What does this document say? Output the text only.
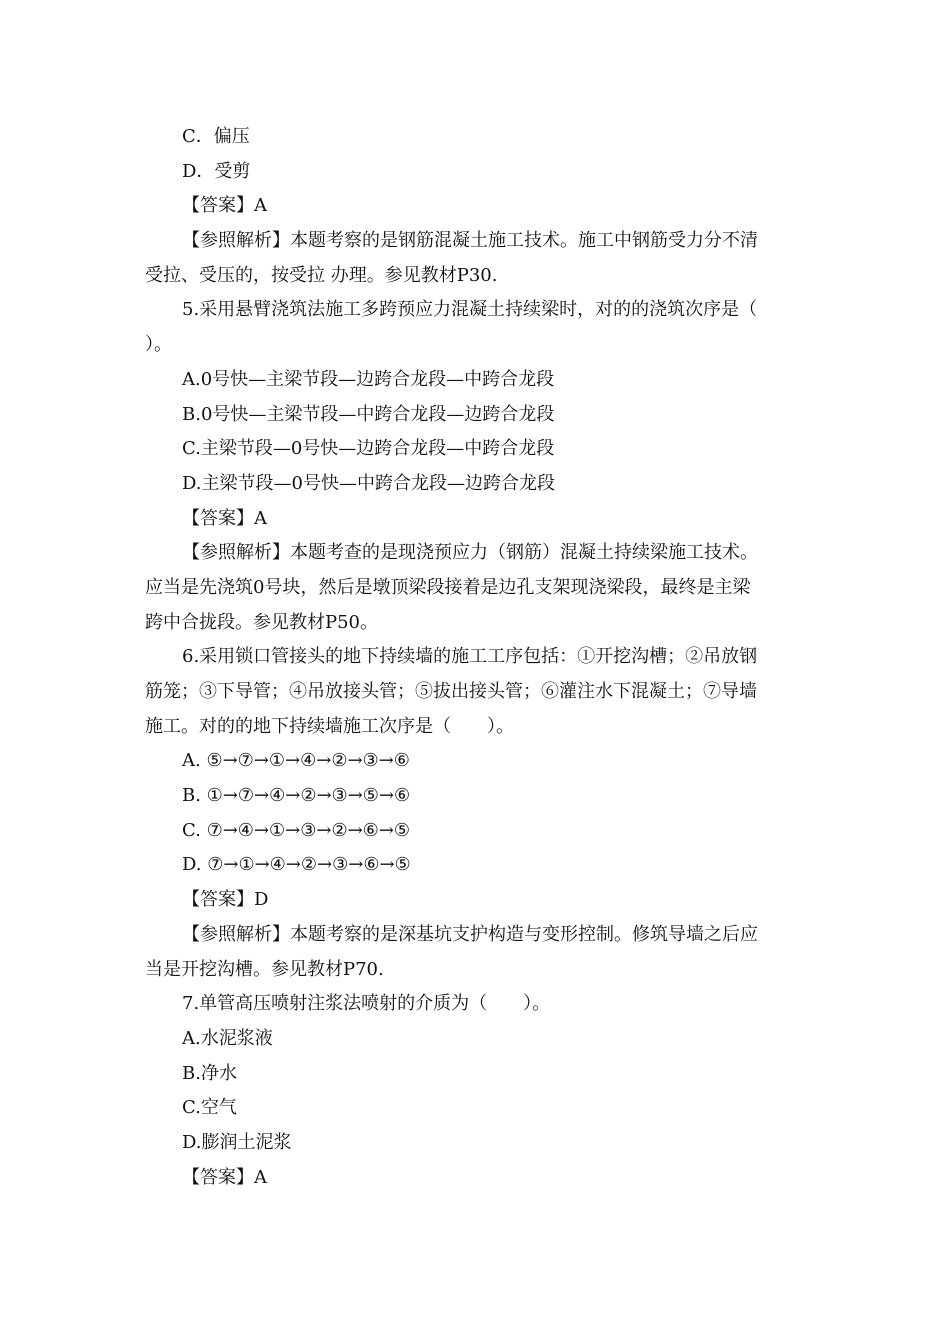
C．偏压
D．受剪
【答案】A
【参照解析】本题考察的是钢筋混凝土施工技术。施工中钢筋受力分不清
受拉、受压的，按受拉 办理。参见教材P30.
5.采用悬臂浇筑法施工多跨预应力混凝土持续梁时，对的的浇筑次序是（
）。
A.0号快—主梁节段—边跨合龙段—中跨合龙段
B.0号快—主梁节段—中跨合龙段—边跨合龙段
C.主梁节段—0号快—边跨合龙段—中跨合龙段
D.主梁节段—0号快—中跨合龙段—边跨合龙段
【答案】A
【参照解析】本题考查的是现浇预应力（钢筋）混凝土持续梁施工技术。
应当是先浇筑0号块，然后是墩顶梁段接着是边孔支架现浇梁段，最终是主梁
跨中合拢段。参见教材P50。
6.采用锁口管接头的地下持续墙的施工工序包括：①开挖沟槽；②吊放钢
筋笼；③下导管；④吊放接头管；⑤拔出接头管；⑥灌注水下混凝土；⑦导墙
施工。对的的地下持续墙施工次序是（　　）。
A. ⑤→⑦→①→④→②→③→⑥
B. ①→⑦→④→②→③→⑤→⑥
C. ⑦→④→①→③→②→⑥→⑤
D. ⑦→①→④→②→③→⑥→⑤
【答案】D
【参照解析】本题考察的是深基坑支护构造与变形控制。修筑导墙之后应
当是开挖沟槽。参见教材P70.
7.单管高压喷射注浆法喷射的介质为（　　）。
A.水泥浆液
B.净水
C.空气
D.膨润土泥浆
【答案】A
